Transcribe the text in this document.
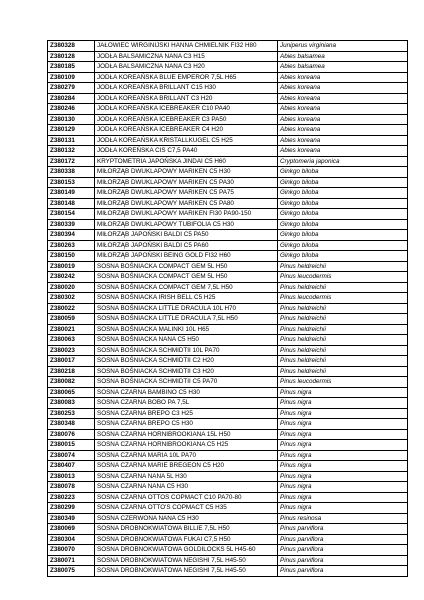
Z380328	JAŁOWIEC WIRGINIJSKI HANNA CHMIELNIK FI32 H80	Juniperus virginiana
Z380128	JODŁA BALSAMICZNA NANA C3 H15	Abies balsamea
Z380185	JODŁA BALSAMICZNA NANA C3 H20	Abies balsamea
Z380109	JODŁA KOREAŃSKA BLUE EMPEROR 7,5L H65	Abies koreana
Z380279	JODŁA KOREAŃSKA BRILLANT C15 H30	Abies koreana
Z380284	JODŁA KOREAŃSKA BRILLANT C3 H20	Abies koreana
Z380246	JODŁA KOREAŃSKA ICEBREAKER C10 PA40	Abies koreana
Z380130	JODŁA KOREAŃSKA ICEBREAKER C3 PA50	Abies koreana
Z380129	JODŁA KOREAŃSKA ICEBREAKER C4 H20	Abies koreana
Z380131	JODŁA KOREAŃSKA KRISTALLKUGEL C5 H25	Abies koreana
Z380132	JODŁA KOREŃSKA CIS C7,5 PA40	Abies koreana
Z380172	KRYPTOMETRIA JAPOŃSKA JINDAI C5 H60	Cryptomeria japonica
Z380338	MIŁORZĄB DWUKLAPOWY MARIKEN C5 H30	Ginkgo biloba
Z380153	MIŁORZĄB DWUKLAPOWY MARIKEN C5 PA30	Ginkgo biloba
Z380149	MIŁORZĄB DWUKLAPOWY MARIKEN C5 PA75	Ginkgo biloba
Z380148	MIŁORZĄB DWUKLAPOWY MARIKEN C5 PA80	Ginkgo biloba
Z380154	MIŁORZĄB DWUKLAPOWY MARIKEN FI30 PA90-150	Ginkgo biloba
Z380339	MIŁORZĄB DWUKLAPOWY TUBIFOLIA C5 H30	Ginkgo biloba
Z380394	MIŁORZĄB JAPOŃSKI BALDI C5 PA50	Ginkgo biloba
Z380263	MIŁORZĄB JAPOŃSKI BALDI C5 PA60	Ginkgo biloba
Z380150	MIŁORZĄB JAPOŃSKI BEING GOLD FI32 H60	Ginkgo biloba
Z380019	SOSNA BOŚNIACKA COMPACT GEM 5L H50	Pinus heldreichii
Z380242	SOSNA BOŚNIACKA COMPACT GEM 5L H50	Pinus leucodermis
Z380020	SOSNA BOŚNIACKA COMPACT GEM 7,5L H50	Pinus heldreichii
Z380302	SOSNA BOŚNIACKA IRISH BELL C5 H25	Pinus leucodermis
Z380022	SOSNA BOŚNIACKA LITTLE DRACULA 10L H70	Pinus heldreichii
Z380059	SOSNA BOŚNIACKA LITTLE DRACULA 7,5L H50	Pinus heldreichii
Z380021	SOSNA BOŚNIACKA MALINKI 10L H65	Pinus heldreichii
Z380063	SOSNA BOŚNIACKA NANA C5 H50	Pinus heldreichii
Z380023	SOSNA BOŚNIACKA SCHMIDTII 10L PA70	Pinus heldreichii
Z380017	SOSNA BOŚNIACKA SCHMIDTII C2 H20	Pinus heldreichii
Z380218	SOSNA BOŚNIACKA SCHMIDTII C3 H20	Pinus heldreichii
Z380082	SOSNA BOŚNIACKA SCHMIDTII C5 PA70	Pinus leucodermis
Z380065	SOSNA CZARNA BAMBINO C5 H30	Pinus nigra
Z380083	SOSNA CZARNA BOBO PA 7,5L	Pinus nigra
Z380253	SOSNA CZARNA BREPO C3 H25	Pinus nigra
Z380348	SOSNA CZARNA BREPO C5 H30	Pinus nigra
Z380076	SOSNA CZARNA HORNIBROOKIANA 15L H50	Pinus nigra
Z380015	SOSNA CZARNA HORNIBROOKIANA C5 H25	Pinus nigra
Z380074	SOSNA CZARNA MARIA 10L PA70	Pinus nigra
Z380407	SOSNA CZARNA MARIE BREGEON C5 H20	Pinus nigra
Z380013	SOSNA CZARNA NANA 5L H30	Pinus nigra
Z380078	SOSNA CZARNA NANA C5 H30	Pinus nigra
Z380223	SOSNA CZARNA OTTOS COPMACT C10 PA70-80	Pinus nigra
Z380299	SOSNA CZARNA OTTO'S COPMACT C5 H35	Pinus nigra
Z380349	SOSNA CZERWONA NANA C5 H30	Pinus resinosa
Z380069	SOSNA DROBNOKWIATOWA BILLIE 7,5L H50	Pinus parviflora
Z380304	SOSNA DROBNOKWIATOWA FUKAI C7,5 H50	Pinus parviflora
Z380070	SOSNA DROBNOKWIATOWA GOLDILOCKS 5L H45-60	Pinus parviflora
Z380071	SOSNA DROBNOKWIATOWA NEGISHI 7,5L H45-50	Pinus parviflora
Z380075	SOSNA DROBNOKWIATOWA NEGISHI 7,5L H45-50	Pinus parviflora
